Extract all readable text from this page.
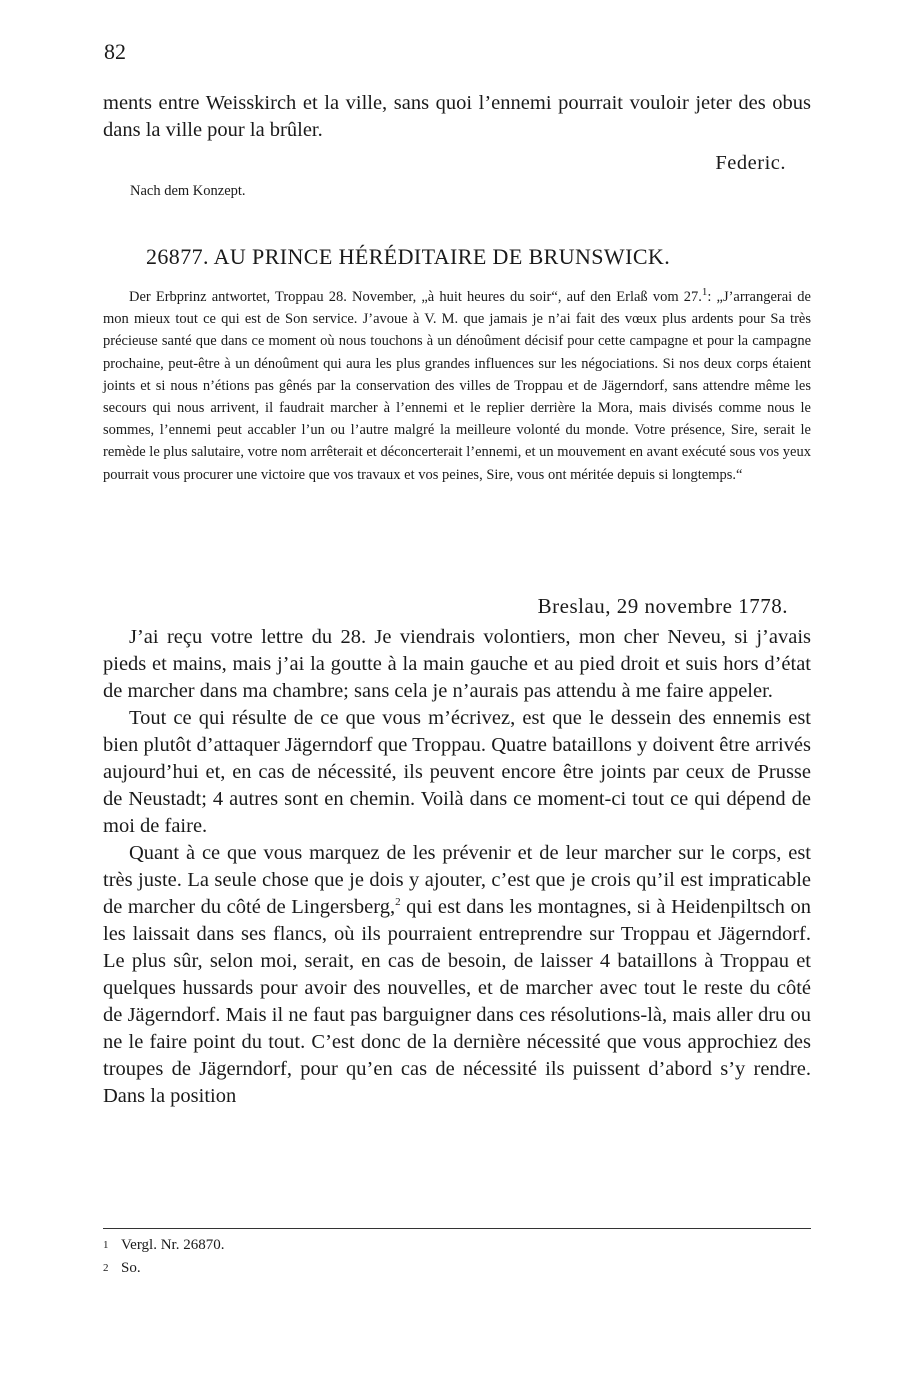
82
ments entre Weisskirch et la ville, sans quoi l’ennemi pourrait vouloir jeter des obus dans la ville pour la brûler.
Federic.
Nach dem Konzept.
26877. AU PRINCE HÉRÉDITAIRE DE BRUNSWICK.

Der Erbprinz antwortet, Troppau 28. November, „à huit heures du soir“, auf den Erlaß vom 27.$^1$: „J’arrangerai de mon mieux tout ce qui est de Son service. J’avoue à V. M. que jamais je n’ai fait des vœux plus ardents pour Sa très précieuse santé que dans ce moment où nous touchons à un dénoûment décisif pour cette campagne et pour la campagne prochaine, peut-être à un dénoûment qui aura les plus grandes influences sur les négociations. Si nos deux corps étaient joints et si nous n’étions pas gênés par la conservation des villes de Troppau et de Jägerndorf, sans attendre même les secours qui nous arrivent, il faudrait marcher à l’ennemi et le replier derrière la Mora, mais divisés comme nous le sommes, l’ennemi peut accabler l’un ou l’autre malgré la meilleure volonté du monde. Votre présence, Sire, serait le remède le plus salutaire, votre nom arrêterait et déconcerterait l’ennemi, et un mouvement en avant exécuté sous vos yeux pourrait vous procurer une victoire que vos travaux et vos peines, Sire, vous ont méritée depuis si longtemps.“

Breslau, 29 novembre 1778.

J’ai reçu votre lettre du 28. Je viendrais volontiers, mon cher Neveu, si j’avais pieds et mains, mais j’ai la goutte à la main gauche et au pied droit et suis hors d’état de marcher dans ma chambre; sans cela je n’aurais pas attendu à me faire appeler.

Tout ce qui résulte de ce que vous m’écrivez, est que le dessein des ennemis est bien plutôt d’attaquer Jägerndorf que Troppau. Quatre bataillons y doivent être arrivés aujourd’hui et, en cas de nécessité, ils peuvent encore être joints par ceux de Prusse de Neustadt; 4 autres sont en chemin. Voilà dans ce moment-ci tout ce qui dépend de moi de faire.

Quant à ce que vous marquez de les prévenir et de leur marcher sur le corps, est très juste. La seule chose que je dois y ajouter, c’est que je crois qu’il est impraticable de marcher du côté de Lingersberg,$^2$ qui est dans les montagnes, si à Heidenpiltsch on les laissait dans ses flancs, où ils pourraient entreprendre sur Troppau et Jägerndorf. Le plus sûr, selon moi, serait, en cas de besoin, de laisser 4 bataillons à Troppau et quelques hussards pour avoir des nouvelles, et de marcher avec tout le reste du côté de Jägerndorf. Mais il ne faut pas barguigner dans ces résolutions-là, mais aller dru ou ne le faire point du tout. C’est donc de la dernière nécessité que vous approchiez des troupes de Jägerndorf, pour qu’en cas de nécessité ils puissent d’abord s’y rendre. Dans la position

1 Vergl. Nr. 26870.
2 So.
